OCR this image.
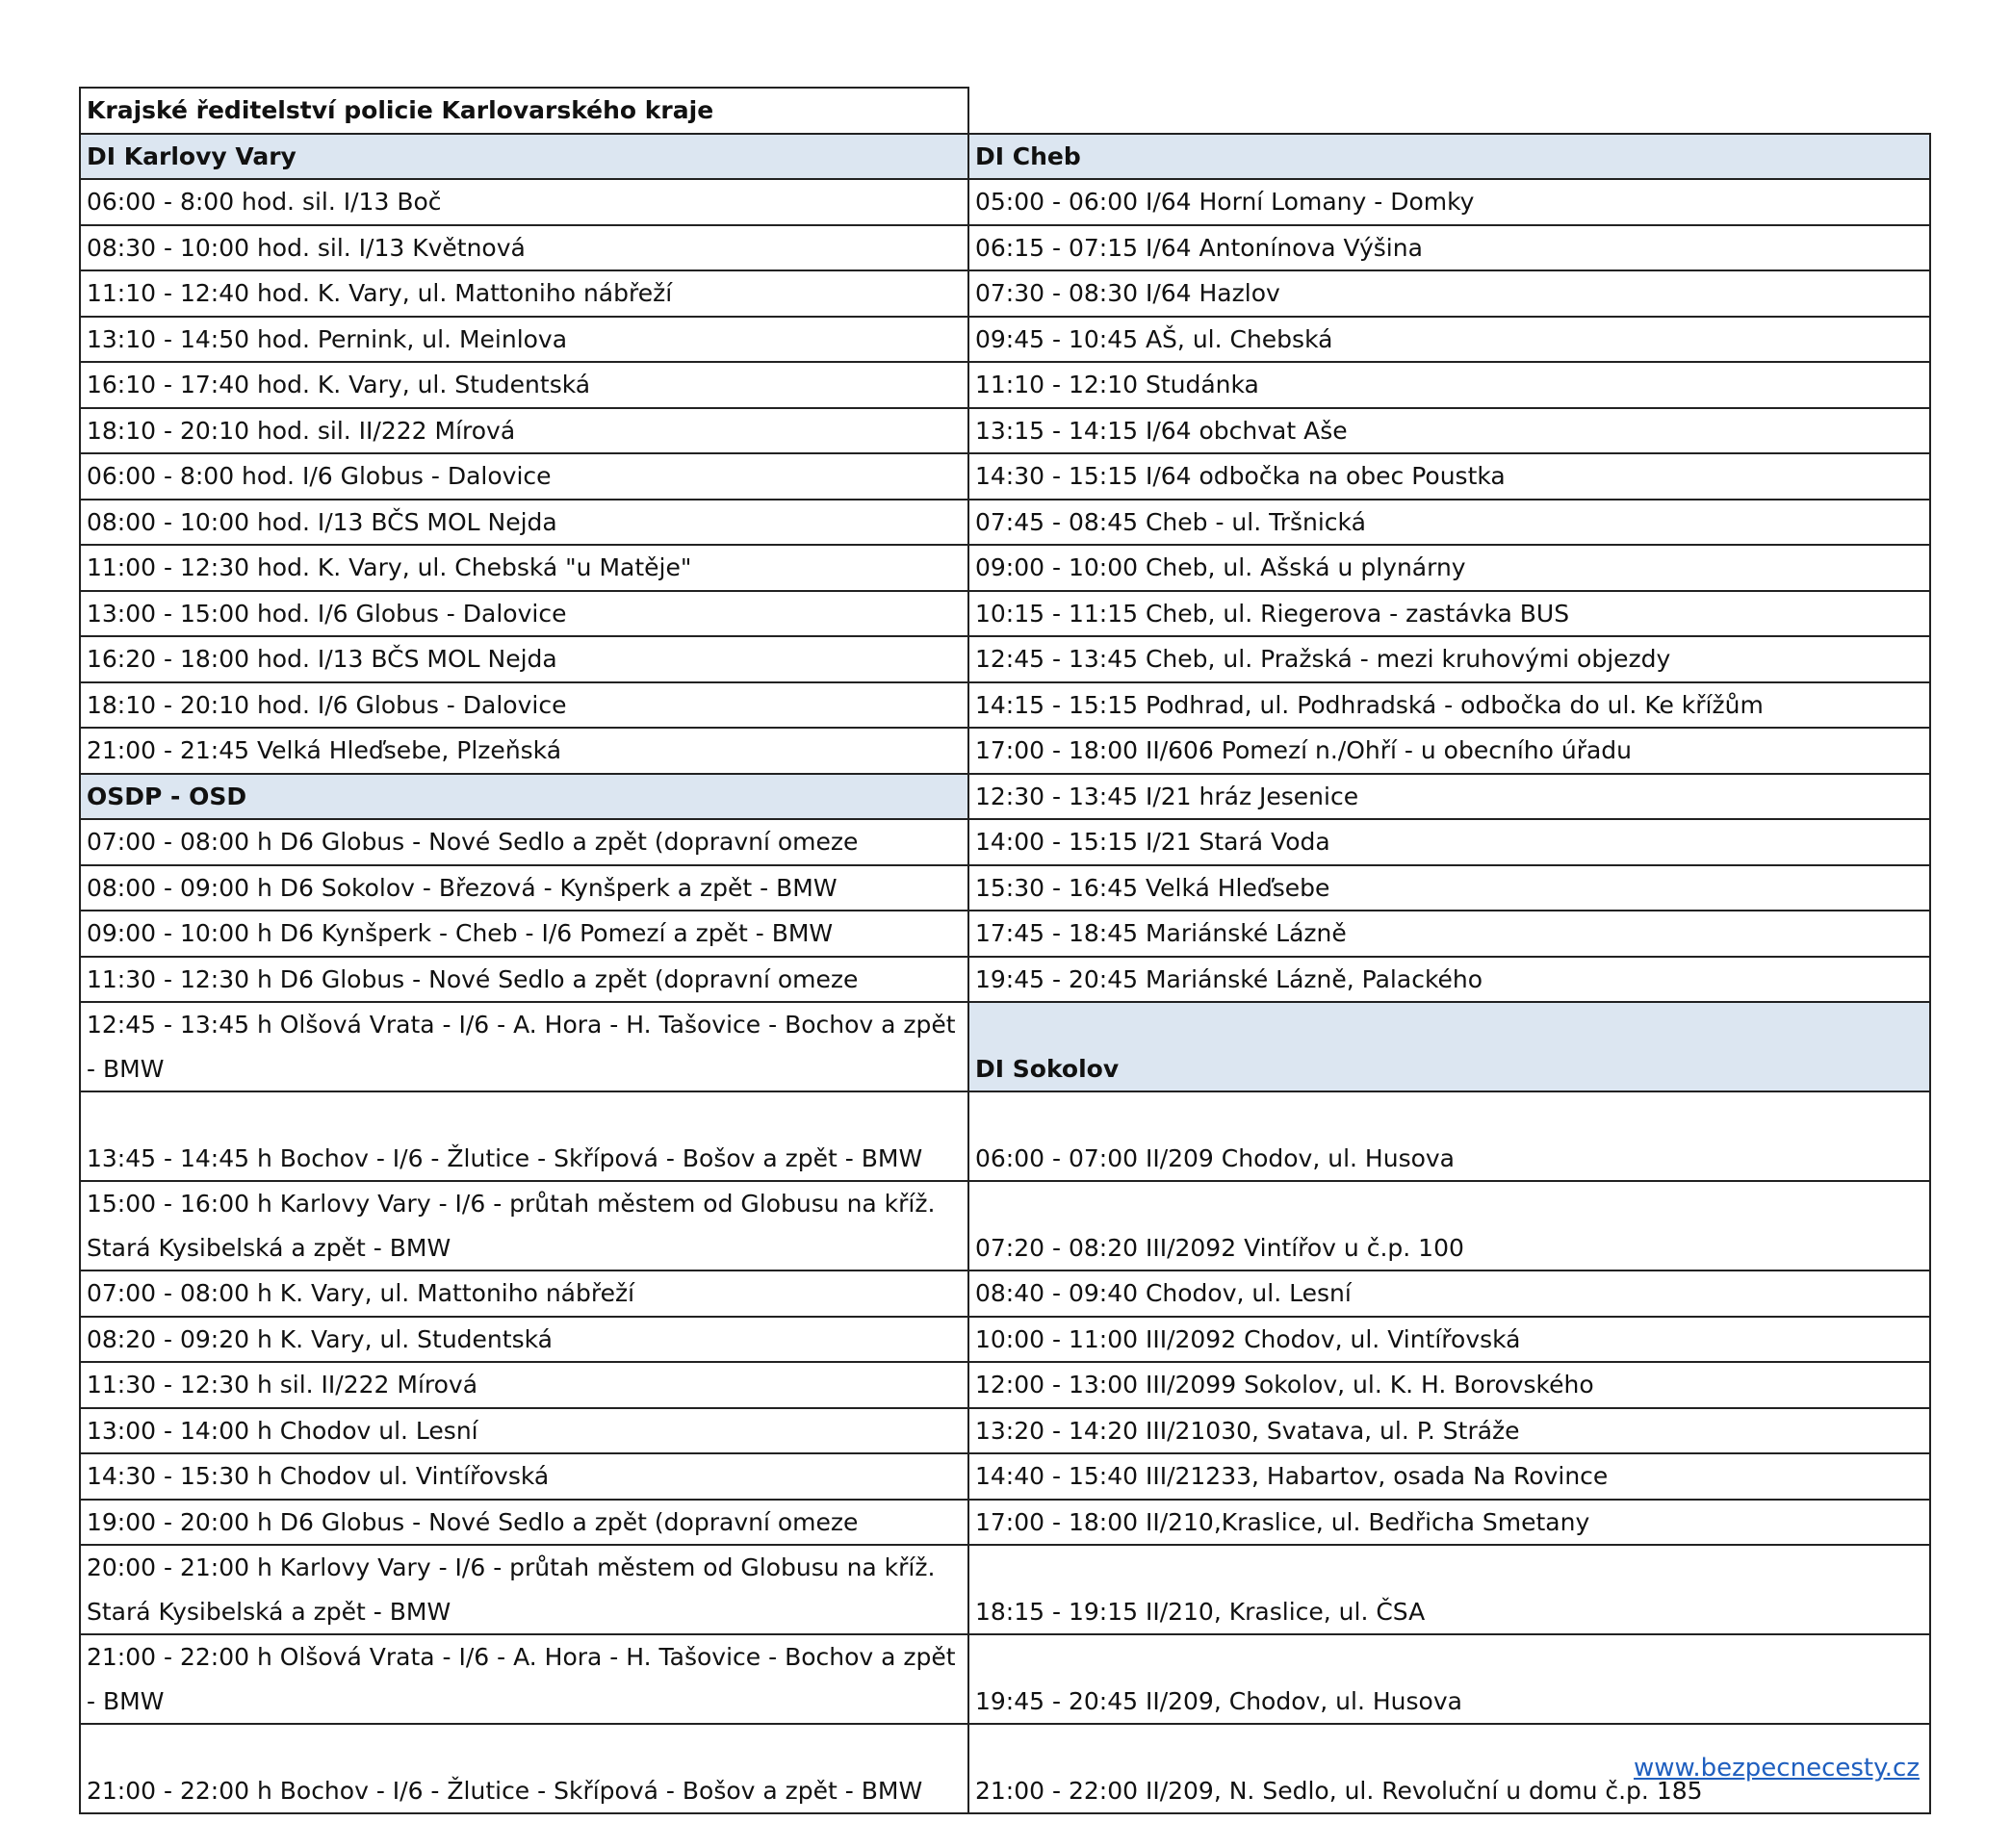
Krajské ředitelství policie Karlovarského kraje	
DI Karlovy Vary	DI Cheb
06:00 - 8:00 hod. sil. I/13 Boč	05:00 - 06:00 I/64 Horní Lomany - Domky
08:30 - 10:00 hod. sil. I/13 Květnová	06:15 - 07:15 I/64 Antonínova Výšina
11:10 - 12:40 hod. K. Vary, ul. Mattoniho nábřeží	07:30 - 08:30 I/64 Hazlov
13:10 - 14:50 hod. Pernink, ul. Meinlova	09:45 - 10:45 AŠ, ul. Chebská
16:10 - 17:40 hod. K. Vary, ul. Studentská	11:10 - 12:10 Studánka
18:10 - 20:10 hod. sil. II/222 Mírová	13:15 - 14:15 I/64 obchvat Aše
06:00 - 8:00 hod. I/6 Globus - Dalovice	14:30 - 15:15 I/64 odbočka na obec Poustka
08:00 - 10:00 hod. I/13 BČS MOL Nejda	07:45 - 08:45 Cheb - ul. Tršnická
11:00 - 12:30 hod. K. Vary, ul. Chebská "u Matěje"	09:00 - 10:00 Cheb, ul. Ašská u plynárny
13:00 - 15:00 hod. I/6 Globus - Dalovice	10:15 - 11:15 Cheb, ul. Riegerova - zastávka BUS
16:20 - 18:00 hod. I/13 BČS MOL Nejda	12:45 - 13:45 Cheb, ul. Pražská - mezi kruhovými objezdy
18:10 - 20:10 hod. I/6 Globus - Dalovice	14:15 - 15:15 Podhrad, ul. Podhradská - odbočka do ul. Ke křížům
21:00 - 21:45 Velká Hleďsebe, Plzeňská	17:00 - 18:00 II/606 Pomezí n./Ohří - u obecního úřadu
OSDP - OSD	12:30 - 13:45 I/21 hráz Jesenice
07:00 - 08:00 h D6 Globus - Nové Sedlo a zpět (dopravní omeze	14:00 - 15:15 I/21 Stará Voda
08:00 - 09:00 h D6 Sokolov - Březová - Kynšperk a zpět - BMW	15:30 - 16:45 Velká Hleďsebe
09:00 - 10:00 h D6 Kynšperk - Cheb - I/6 Pomezí a zpět - BMW	17:45 - 18:45 Mariánské Lázně
11:30 - 12:30 h D6 Globus - Nové Sedlo a zpět (dopravní omeze	19:45 - 20:45 Mariánské Lázně, Palackého
12:45 - 13:45 h Olšová Vrata - I/6 - A. Hora - H. Tašovice - Bochov a zpět - BMW	DI Sokolov
13:45 - 14:45 h Bochov - I/6 - Žlutice - Skřípová - Bošov a zpět - BMW	06:00 - 07:00 II/209 Chodov, ul. Husova
15:00 - 16:00 h Karlovy Vary - I/6 - průtah městem od Globusu na kříž. Stará Kysibelská a zpět - BMW	07:20 - 08:20 III/2092 Vintířov u č.p. 100
07:00 - 08:00 h K. Vary, ul. Mattoniho nábřeží	08:40 - 09:40 Chodov, ul. Lesní
08:20 - 09:20 h K. Vary, ul. Studentská	10:00 - 11:00 III/2092 Chodov, ul. Vintířovská
11:30 - 12:30 h sil. II/222 Mírová	12:00 - 13:00 III/2099 Sokolov, ul. K. H. Borovského
13:00 - 14:00 h Chodov ul. Lesní	13:20 - 14:20 III/21030, Svatava, ul. P. Stráže
14:30 - 15:30 h Chodov ul. Vintířovská	14:40 - 15:40 III/21233, Habartov, osada Na Rovince
19:00 - 20:00 h D6 Globus - Nové Sedlo a zpět (dopravní omeze	17:00 - 18:00 II/210,Kraslice, ul. Bedřicha Smetany
20:00 - 21:00 h Karlovy Vary - I/6 - průtah městem od Globusu na kříž. Stará Kysibelská a zpět - BMW	18:15 - 19:15 II/210, Kraslice, ul. ČSA
21:00 - 22:00 h Olšová Vrata - I/6 - A. Hora - H. Tašovice - Bochov a zpět - BMW	19:45 - 20:45 II/209, Chodov, ul. Husova
21:00 - 22:00 h Bochov - I/6 - Žlutice - Skřípová - Bošov a zpět - BMW	21:00 - 22:00 II/209, N. Sedlo, ul. Revoluční u domu č.p. 185
www.bezpecnecesty.cz
